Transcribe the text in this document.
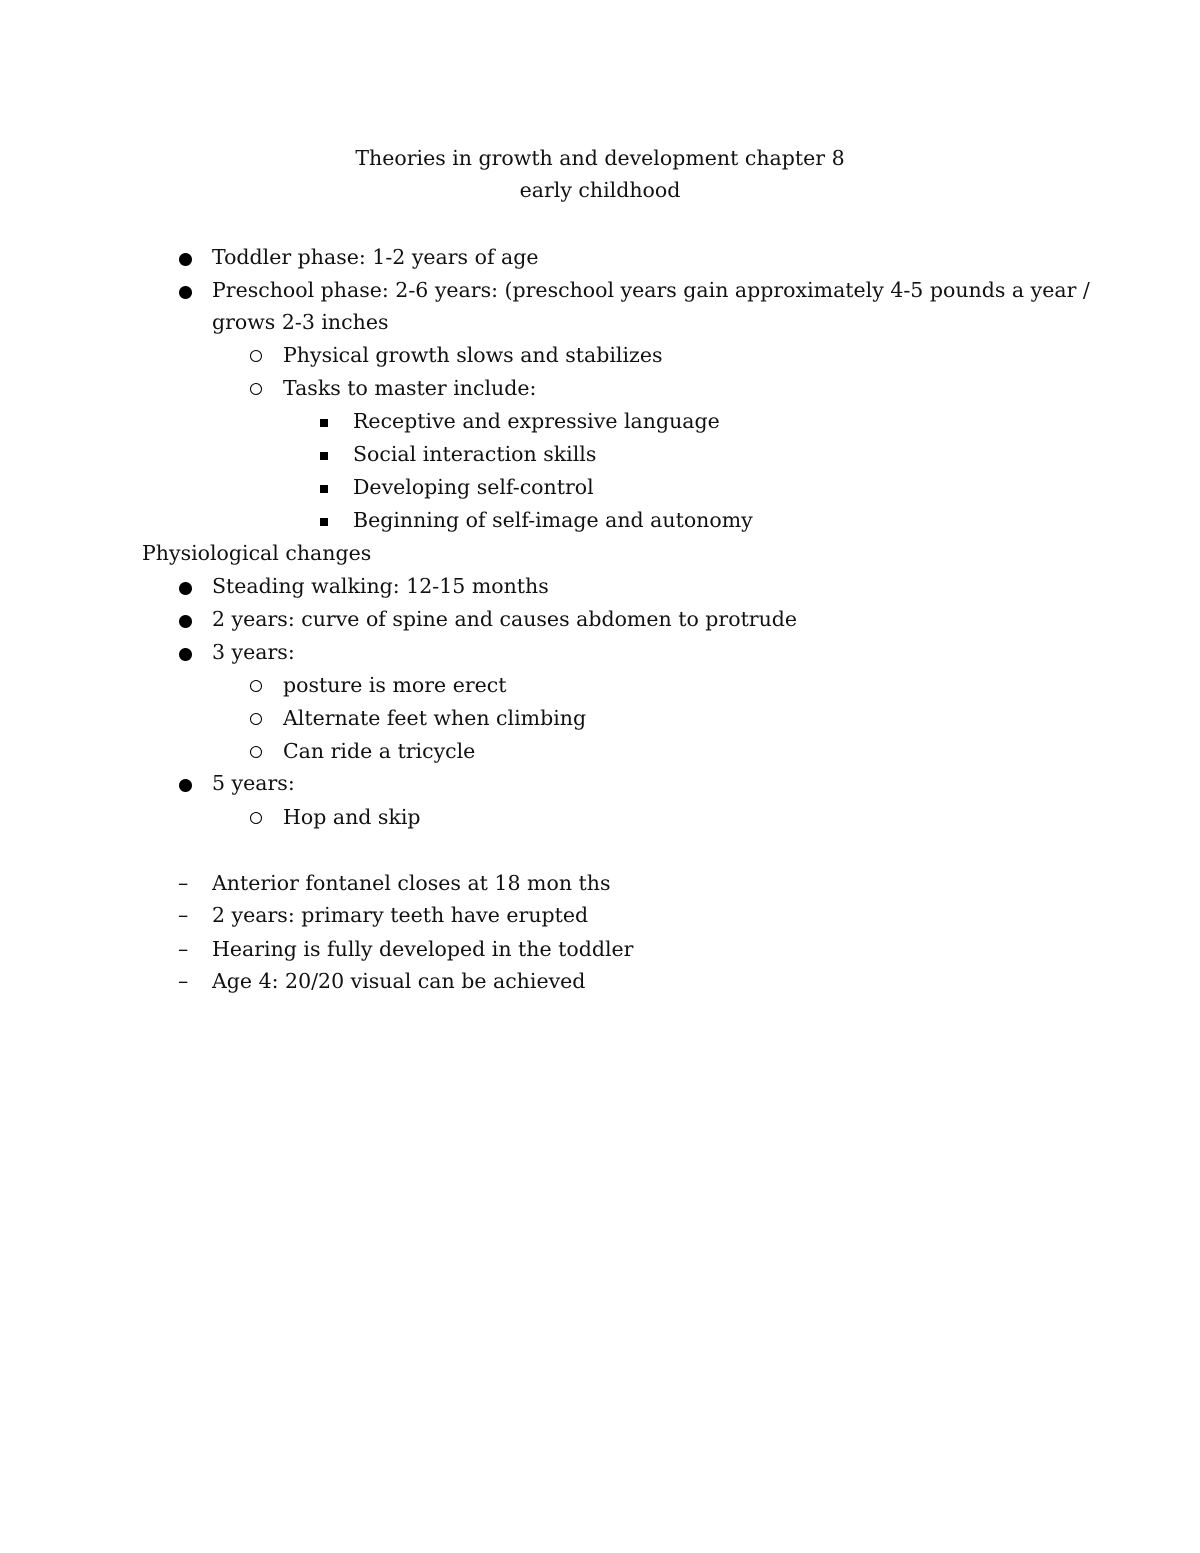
Theories in growth and development chapter 8
early childhood
Toddler phase: 1-2 years of age
Preschool phase: 2-6 years: (preschool years gain approximately 4-5 pounds a year /
grows 2-3 inches
Physical growth slows and stabilizes
Tasks to master include:
Receptive and expressive language
Social interaction skills
Developing self-control
Beginning of self-image and autonomy
Physiological changes
Steading walking: 12-15 months
2 years: curve of spine and causes abdomen to protrude
3 years:
posture is more erect
Alternate feet when climbing
Can ride a tricycle
5 years:
Hop and skip
– Anterior fontanel closes at 18 mon ths
– 2 years: primary teeth have erupted
– Hearing is fully developed in the toddler
– Age 4: 20/20 visual can be achieved
